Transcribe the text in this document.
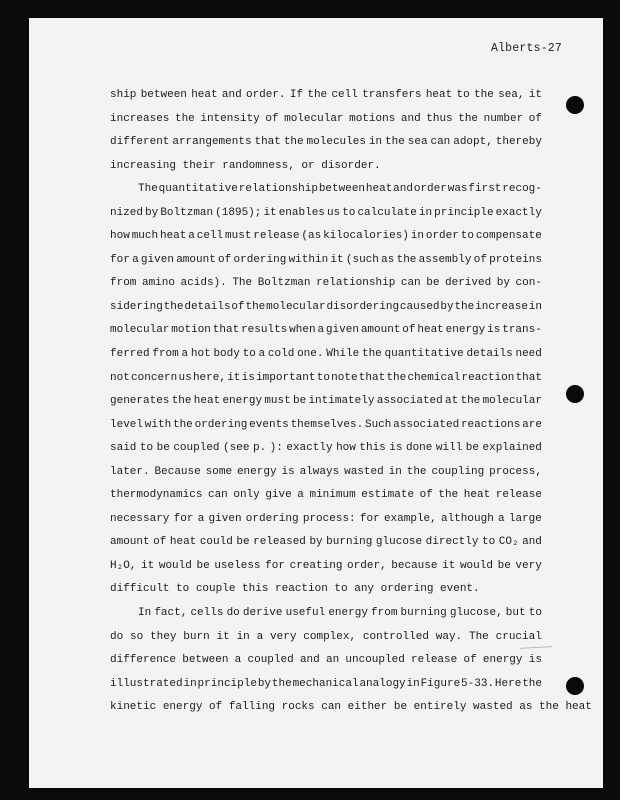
Alberts-27
ship between heat and order. If the cell transfers heat to the sea, it
increases the intensity of molecular motions and thus the number of
different arrangements that the molecules in the sea can adopt, thereby
increasing their randomness, or disorder.
The quantitative relationship between heat and order was first recog-
nized by Boltzman (1895); it enables us to calculate in principle exactly
how much heat a cell must release (as kilocalories) in order to compensate
for a given amount of ordering within it (such as the assembly of proteins
from amino acids). The Boltzman relationship can be derived by con-
sidering the details of the molecular disordering caused by the increase in
molecular motion that results when a given amount of heat energy is trans-
ferred from a hot body to a cold one. While the quantitative details need
not concern us here, it is important to note that the chemical reaction that
generates the heat energy must be intimately associated at the molecular
level with the ordering events themselves. Such associated reactions are
said to be coupled (see p. ): exactly how this is done will be explained
later. Because some energy is always wasted in the coupling process,
thermodynamics can only give a minimum estimate of the heat release
necessary for a given ordering process: for example, although a large
amount of heat could be released by burning glucose directly to CO₂ and
H₂O, it would be useless for creating order, because it would be very
difficult to couple this reaction to any ordering event.
In fact, cells do derive useful energy from burning glucose, but to
do so they burn it in a very complex, controlled way. The crucial
difference between a coupled and an uncoupled release of energy is
illustrated in principle by the mechanical analogy in Figure 5-33. Here the
kinetic energy of falling rocks can either be entirely wasted as the heat
